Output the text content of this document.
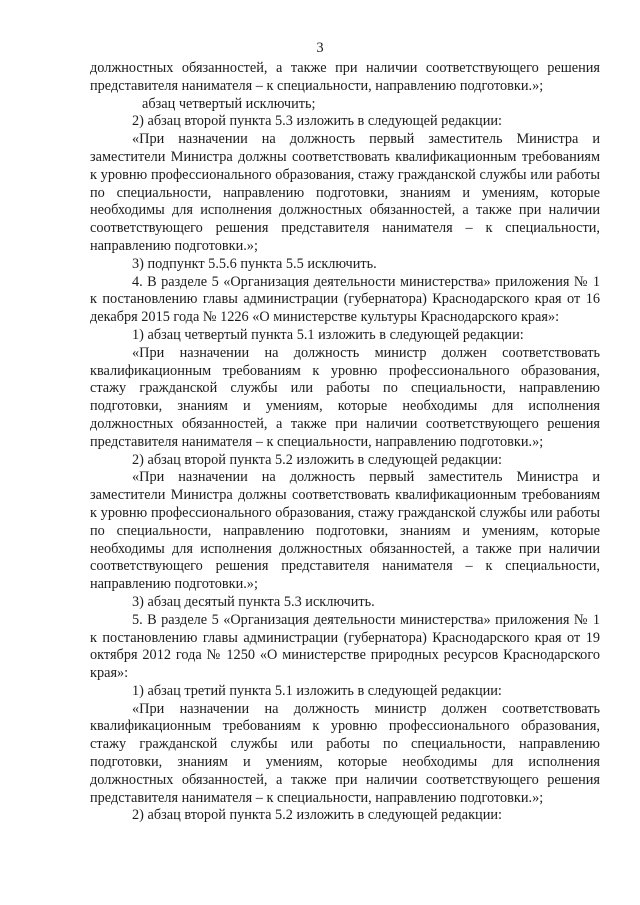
3

должностных обязанностей, а также при наличии соответствующего решения представителя нанимателя – к специальности, направлению подготовки.»;

абзац четвертый исключить;

2) абзац второй пункта 5.3 изложить в следующей редакции:

«При назначении на должность первый заместитель Министра и заместители Министра должны соответствовать квалификационным требованиям к уровню профессионального образования, стажу гражданской службы или работы по специальности, направлению подготовки, знаниям и умениям, которые необходимы для исполнения должностных обязанностей, а также при наличии соответствующего решения представителя нанимателя – к специальности, направлению подготовки.»;

3) подпункт 5.5.6 пункта 5.5 исключить.

4. В разделе 5 «Организация деятельности министерства» приложения № 1 к постановлению главы администрации (губернатора) Краснодарского края от 16 декабря 2015 года № 1226 «О министерстве культуры Краснодарского края»:

1) абзац четвертый пункта 5.1 изложить в следующей редакции:

«При назначении на должность министр должен соответствовать квалификационным требованиям к уровню профессионального образования, стажу гражданской службы или работы по специальности, направлению подготовки, знаниям и умениям, которые необходимы для исполнения должностных обязанностей, а также при наличии соответствующего решения представителя нанимателя – к специальности, направлению подготовки.»;

2) абзац второй пункта 5.2 изложить в следующей редакции:

«При назначении на должность первый заместитель Министра и заместители Министра должны соответствовать квалификационным требованиям к уровню профессионального образования, стажу гражданской службы или работы по специальности, направлению подготовки, знаниям и умениям, которые необходимы для исполнения должностных обязанностей, а также при наличии соответствующего решения представителя нанимателя – к специальности, направлению подготовки.»;

3) абзац десятый пункта 5.3 исключить.

5. В разделе 5 «Организация деятельности министерства» приложения № 1 к постановлению главы администрации (губернатора) Краснодарского края от 19 октября 2012 года № 1250 «О министерстве природных ресурсов Краснодарского края»:

1) абзац третий пункта 5.1 изложить в следующей редакции:

«При назначении на должность министр должен соответствовать квалификационным требованиям к уровню профессионального образования, стажу гражданской службы или работы по специальности, направлению подготовки, знаниям и умениям, которые необходимы для исполнения должностных обязанностей, а также при наличии соответствующего решения представителя нанимателя – к специальности, направлению подготовки.»;

2) абзац второй пункта 5.2 изложить в следующей редакции:
